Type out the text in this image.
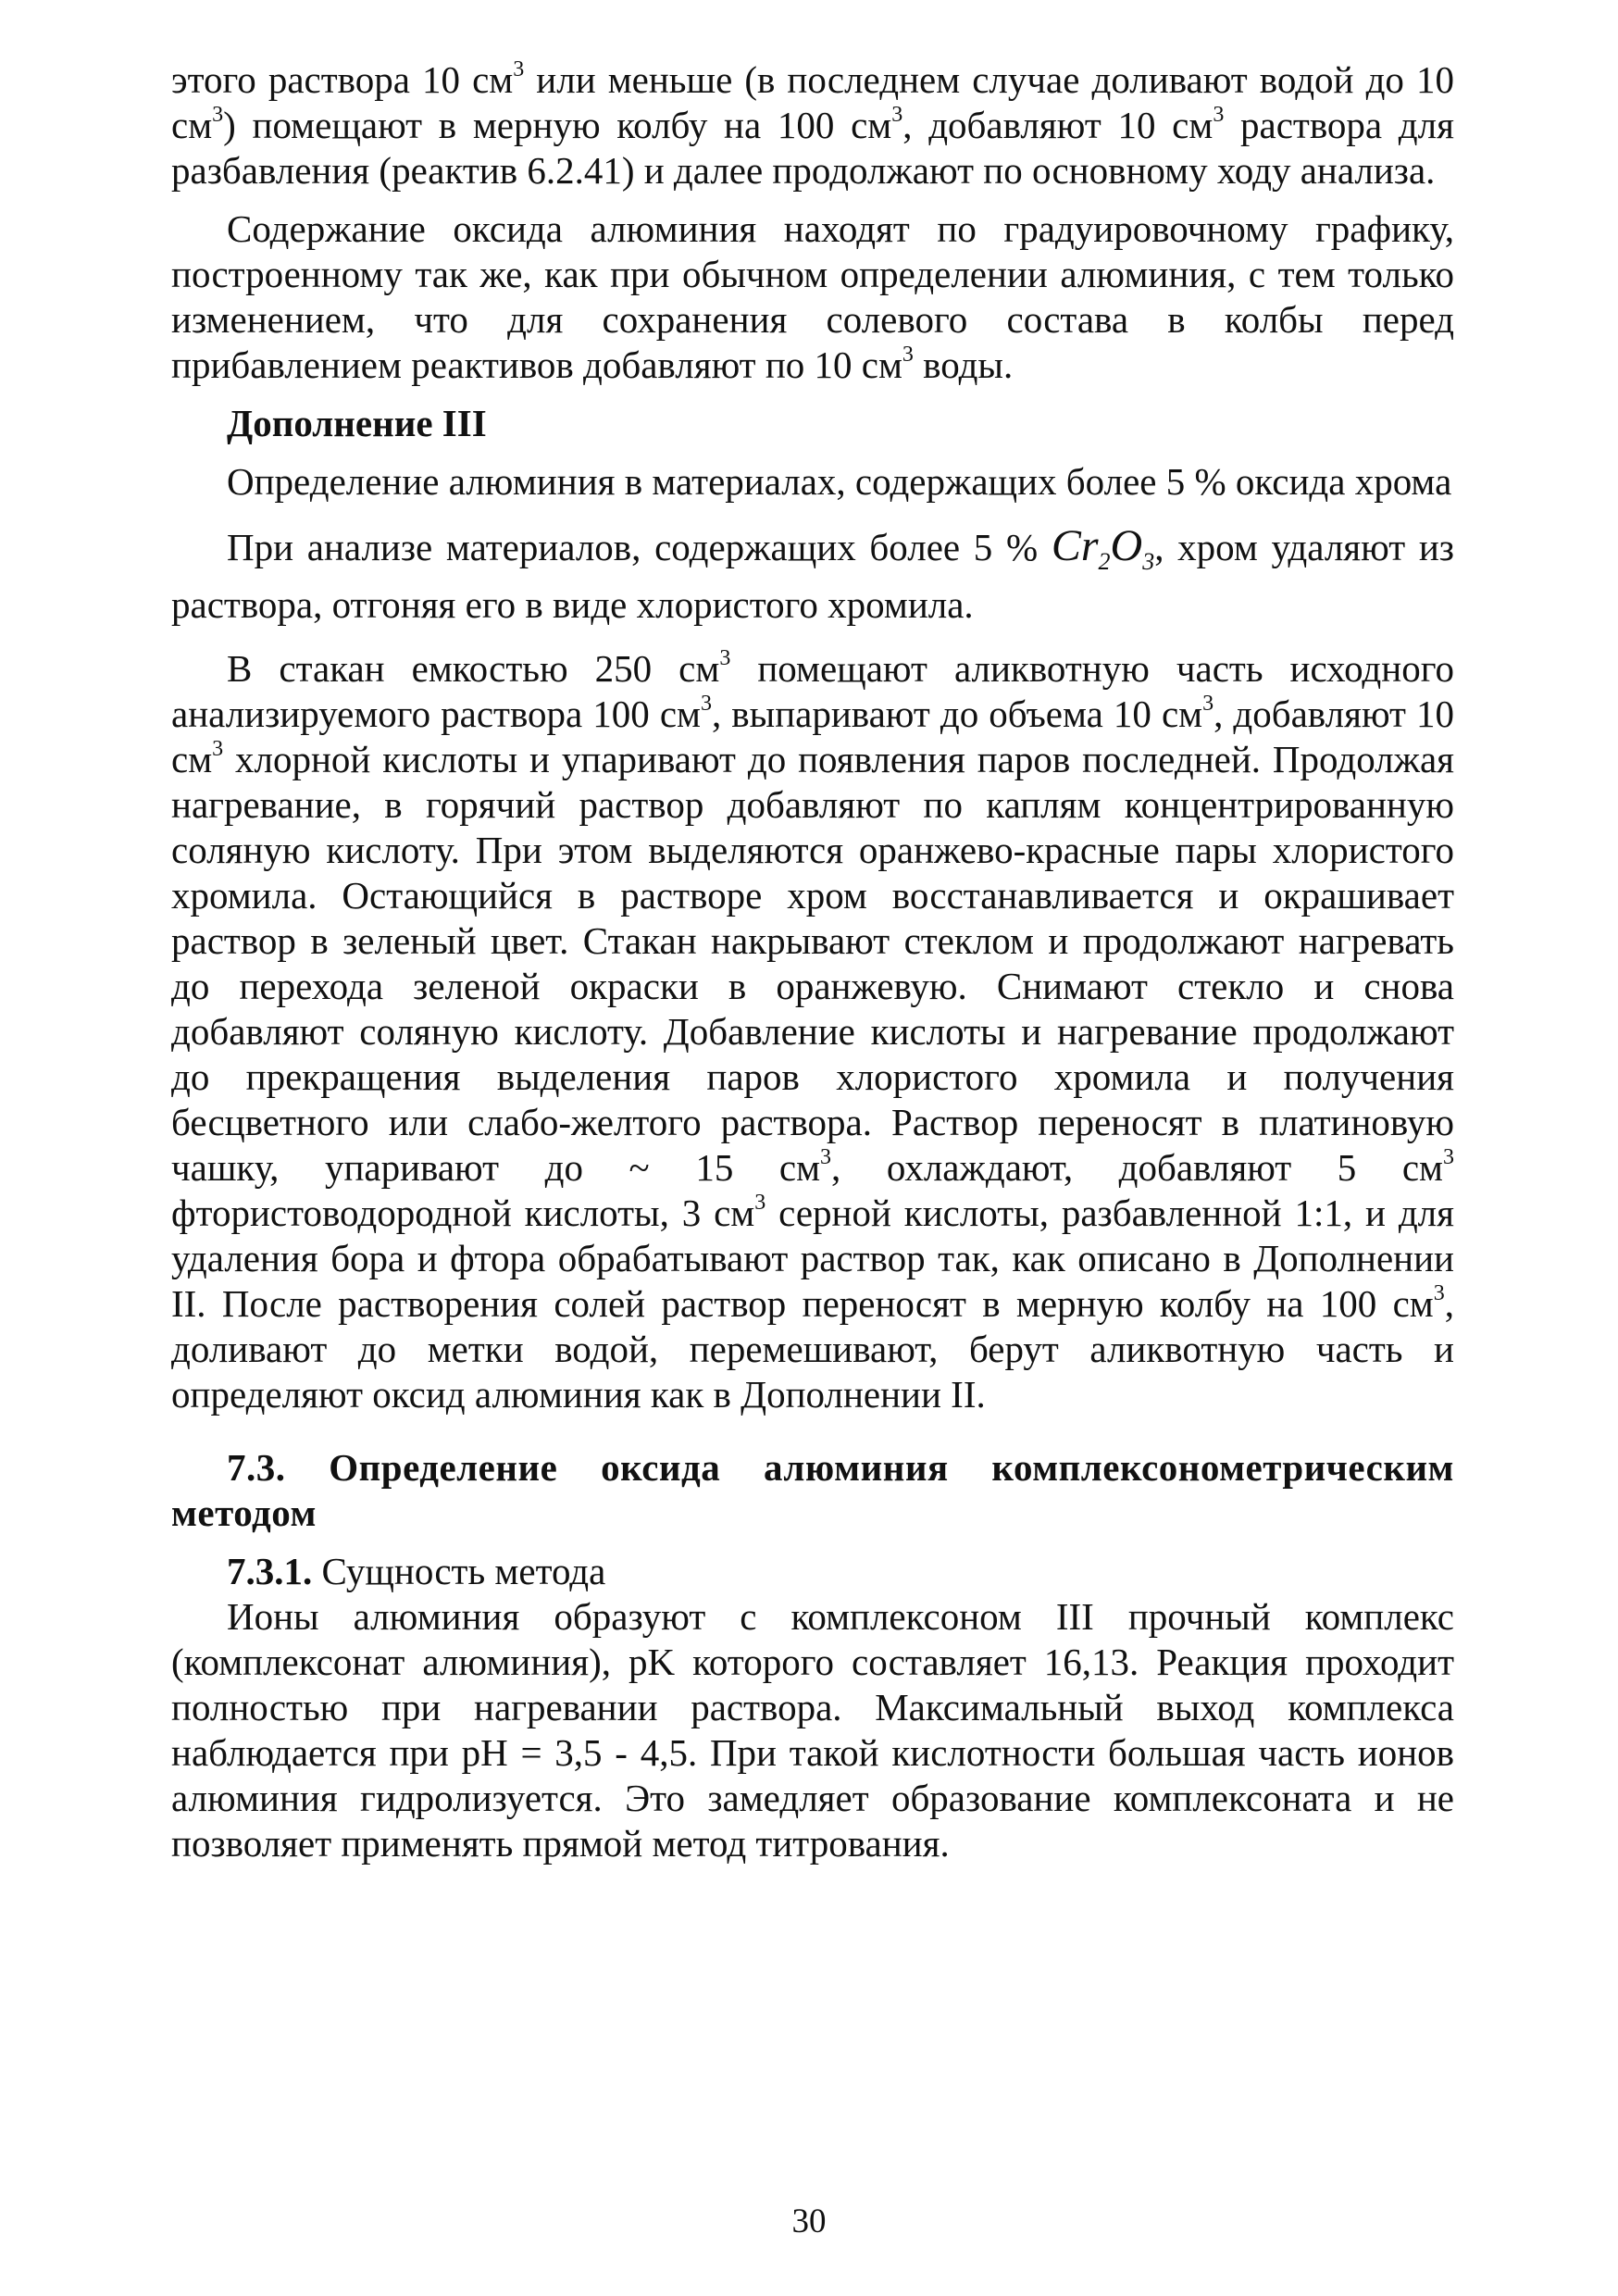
этого раствора 10 $см^3$ или меньше (в последнем случае доливают водой до 10 $см^3$) помещают в мерную колбу на 100 $см^3$, добавляют 10 $см^3$ раствора для разбавления (реактив 6.2.41) и далее продолжают по основному ходу анализа.

Содержание оксида алюминия находят по градуировочному графику, построенному так же, как при обычном определении алюминия, с тем только изменением, что для сохранения солевого состава в колбы перед прибавлением реактивов добавляют по 10 $см^3$ воды.

Дополнение III

Определение алюминия в материалах, содержащих более 5 % оксида хрома

При анализе материалов, содержащих более 5 % $Cr_2O_3$, хром удаляют из раствора, отгоняя его в виде хлористого хромила.

В стакан емкостью 250 $см^3$ помещают аликвотную часть исходного анализируемого раствора 100 $см^3$, выпаривают до объема 10 $см^3$, добавляют 10 $см^3$ хлорной кислоты и упаривают до появления паров последней. Продолжая нагревание, в горячий раствор добавляют по каплям концентрированную соляную кислоту. При этом выделяются оранжево-красные пары хлористого хромила. Остающийся в растворе хром восстанавливается и окрашивает раствор в зеленый цвет. Стакан накрывают стеклом и продолжают нагревать до перехода зеленой окраски в оранжевую. Снимают стекло и снова добавляют соляную кислоту. Добавление кислоты и нагревание продолжают до прекращения выделения паров хлористого хромила и получения бесцветного или слабо-желтого раствора. Раствор переносят в платиновую чашку, упаривают до ~ 15 $см^3$, охлаждают, добавляют 5 $см^3$ фтористоводородной кислоты, 3 $см^3$ серной кислоты, разбавленной 1:1, и для удаления бора и фтора обрабатывают раствор так, как описано в Дополнении II. После растворения солей раствор переносят в мерную колбу на 100 $см^3$, доливают до метки водой, перемешивают, берут аликвотную часть и определяют оксид алюминия как в Дополнении II.

7.3. Определение оксида алюминия комплексонометрическим методом

7.3.1. Сущность метода

Ионы алюминия образуют с комплексоном III прочный комплекс (комплексонат алюминия), pK которого составляет 16,13. Реакция проходит полностью при нагревании раствора. Максимальный выход комплекса наблюдается при pH = 3,5 - 4,5. При такой кислотности большая часть ионов алюминия гидролизуется. Это замедляет образование комплексоната и не позволяет применять прямой метод титрования.

30
